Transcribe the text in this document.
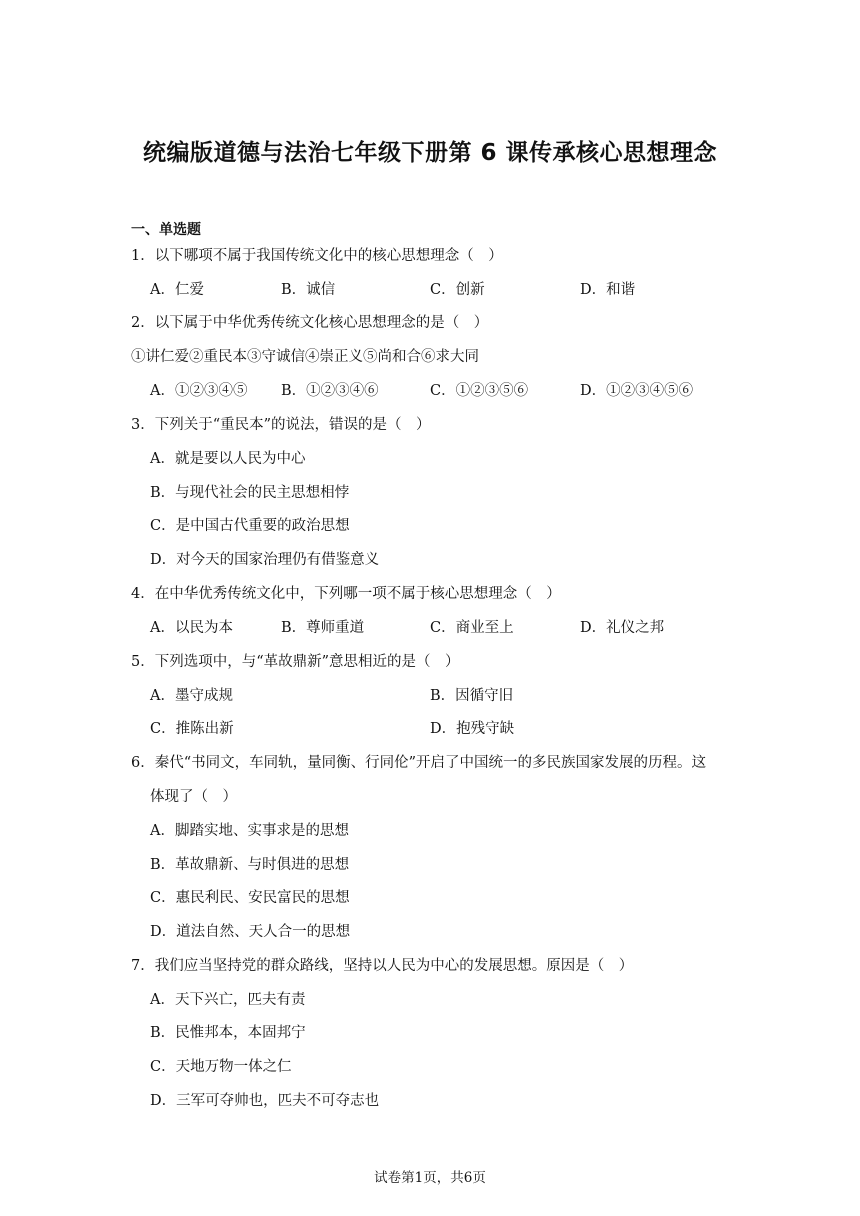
统编版道德与法治七年级下册第 6 课传承核心思想理念
一、单选题
1．以下哪项不属于我国传统文化中的核心思想理念（　）
A．仁爱	B．诚信	C．创新	D．和谐
2．以下属于中华优秀传统文化核心思想理念的是（　）
①讲仁爱②重民本③守诚信④崇正义⑤尚和合⑥求大同
A．①②③④⑤ B．①②③④⑥	C．①②③⑤⑥	D．①②③④⑤⑥
3．下列关于“重民本”的说法，错误的是（　）
A．就是要以人民为中心
B．与现代社会的民主思想相悖
C．是中国古代重要的政治思想
D．对今天的国家治理仍有借鉴意义
4．在中华优秀传统文化中，下列哪一项不属于核心思想理念（　）
A．以民为本	B．尊师重道	C．商业至上	D．礼仪之邦
5．下列选项中，与“革故鼎新”意思相近的是（　）
A．墨守成规	B．因循守旧
C．推陈出新	D．抱残守缺
6．秦代“书同文，车同轨，量同衡、行同伦”开启了中国统一的多民族国家发展的历程。这
体现了（　）
A．脚踏实地、实事求是的思想
B．革故鼎新、与时俱进的思想
C．惠民利民、安民富民的思想
D．道法自然、天人合一的思想
7．我们应当坚持党的群众路线，坚持以人民为中心的发展思想。原因是（　）
A．天下兴亡，匹夫有责
B．民惟邦本，本固邦宁
C．天地万物一体之仁
D．三军可夺帅也，匹夫不可夺志也
试卷第1页，共6页
